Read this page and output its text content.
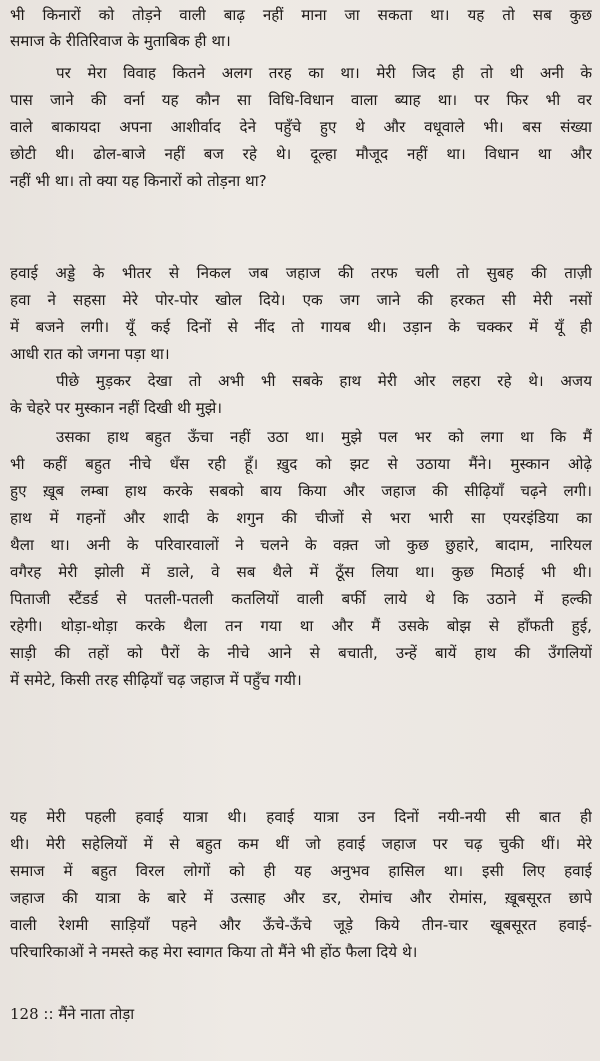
भी किनारों को तोड़ने वाली बाढ़ नहीं माना जा सकता था। यह तो सब कुछ
समाज के रीतिरिवाज के मुताबिक ही था।
पर मेरा विवाह कितने अलग तरह का था। मेरी जिद ही तो थी अनी के
पास जाने की वर्ना यह कौन सा विधि-विधान वाला ब्याह था। पर फिर भी वर
वाले बाकायदा अपना आशीर्वाद देने पहुँचे हुए थे और वधूवाले भी। बस संख्या
छोटी थी। ढोल-बाजे नहीं बज रहे थे। दूल्हा मौजूद नहीं था। विधान था और
नहीं भी था। तो क्या यह किनारों को तोड़ना था?
हवाई अड्डे के भीतर से निकल जब जहाज की तरफ चली तो सुबह की ताज़ी
हवा ने सहसा मेरे पोर-पोर खोल दिये। एक जग जाने की हरकत सी मेरी नसों
में बजने लगी। यूँ कई दिनों से नींद तो गायब थी। उड़ान के चक्कर में यूँ ही
आधी रात को जगना पड़ा था।
पीछे मुड़कर देखा तो अभी भी सबके हाथ मेरी ओर लहरा रहे थे। अजय
के चेहरे पर मुस्कान नहीं दिखी थी मुझे।
उसका हाथ बहुत ऊँचा नहीं उठा था। मुझे पल भर को लगा था कि मैं
भी कहीं बहुत नीचे धँस रही हूँ। ख़ुद को झट से उठाया मैंने। मुस्कान ओढ़े
हुए ख़ूब लम्बा हाथ करके सबको बाय किया और जहाज की सीढ़ियाँ चढ़ने लगी।
हाथ में गहनों और शादी के शगुन की चीजों से भरा भारी सा एयरइंडिया का
थैला था। अनी के परिवारवालों ने चलने के वक़्त जो कुछ छुहारे, बादाम, नारियल
वगैरह मेरी झोली में डाले, वे सब थैले में ठूँस लिया था। कुछ मिठाई भी थी।
पिताजी स्टैंडर्ड से पतली-पतली कतलियों वाली बर्फी लाये थे कि उठाने में हल्की
रहेगी। थोड़ा-थोड़ा करके थैला तन गया था और मैं उसके बोझ से हाँफती हुई,
साड़ी की तहों को पैरों के नीचे आने से बचाती, उन्हें बायें हाथ की उँगलियों
में समेटे, किसी तरह सीढ़ियाँ चढ़ जहाज में पहुँच गयी।
यह मेरी पहली हवाई यात्रा थी। हवाई यात्रा उन दिनों नयी-नयी सी बात ही
थी। मेरी सहेलियों में से बहुत कम थीं जो हवाई जहाज पर चढ़ चुकी थीं। मेरे
समाज में बहुत विरल लोगों को ही यह अनुभव हासिल था। इसी लिए हवाई
जहाज की यात्रा के बारे में उत्साह और डर, रोमांच और रोमांस, ख़ूबसूरत छापे
वाली रेशमी साड़ियाँ पहने और ऊँचे-ऊँचे जूड़े किये तीन-चार खूबसूरत हवाई-
परिचारिकाओं ने नमस्ते कह मेरा स्वागत किया तो मैंने भी होंठ फैला दिये थे।
128 :: मैंने नाता तोड़ा
